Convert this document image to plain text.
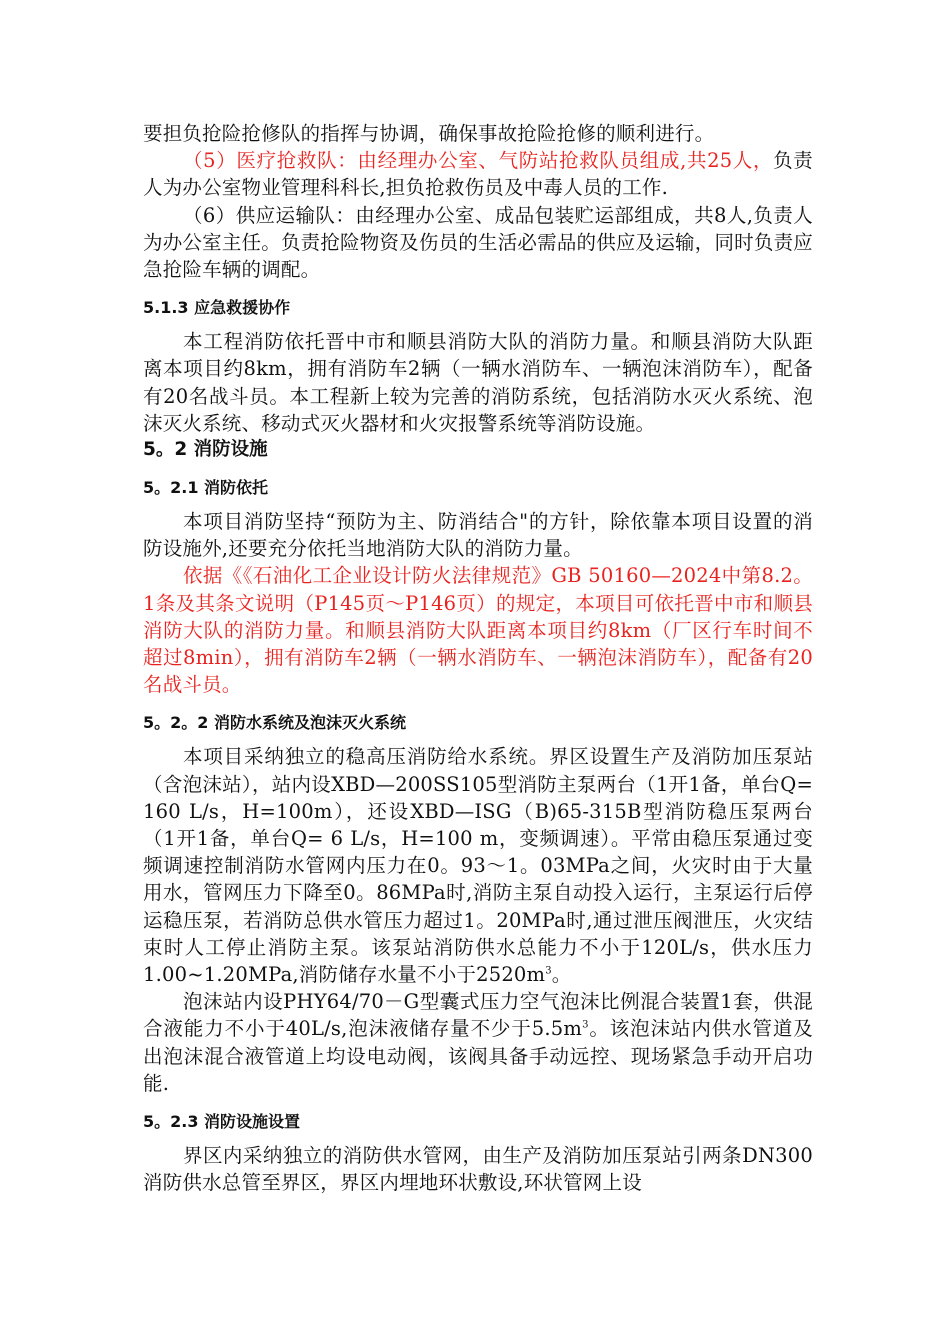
要担负抢险抢修队的指挥与协调，确保事故抢险抢修的顺利进行。

（5）医疗抢救队：由经理办公室、气防站抢救队员组成,共25人，负责人为办公室物业管理科科长,担负抢救伤员及中毒人员的工作.

（6）供应运输队：由经理办公室、成品包装贮运部组成，共8人,负责人为办公室主任。负责抢险物资及伤员的生活必需品的供应及运输，同时负责应急抢险车辆的调配。

5.1.3 应急救援协作

本工程消防依托晋中市和顺县消防大队的消防力量。和顺县消防大队距离本项目约8km，拥有消防车2辆（一辆水消防车、一辆泡沫消防车），配备有20名战斗员。本工程新上较为完善的消防系统，包括消防水灭火系统、泡沫灭火系统、移动式灭火器材和火灾报警系统等消防设施。

5。2 消防设施

5。2.1 消防依托

本项目消防坚持“预防为主、防消结合"的方针，除依靠本项目设置的消防设施外,还要充分依托当地消防大队的消防力量。

依据《《石油化工企业设计防火法律规范》GB 50160—2024中第8.2。1条及其条文说明（P145页～P146页）的规定，本项目可依托晋中市和顺县消防大队的消防力量。和顺县消防大队距离本项目约8km（厂区行车时间不超过8min），拥有消防车2辆（一辆水消防车、一辆泡沫消防车），配备有20名战斗员。

5。2。2 消防水系统及泡沫灭火系统

本项目采纳独立的稳高压消防给水系统。界区设置生产及消防加压泵站（含泡沫站），站内设XBD—200SS105型消防主泵两台（1开1备，单台Q= 160 L/s，H=100m），还设XBD—ISG（B)65-315B型消防稳压泵两台（1开1备，单台Q= 6 L/s，H=100 m，变频调速）。平常由稳压泵通过变频调速控制消防水管网内压力在0。93～1。03MPa之间，火灾时由于大量用水，管网压力下降至0。86MPa时,消防主泵自动投入运行，主泵运行后停运稳压泵，若消防总供水管压力超过1。20MPa时,通过泄压阀泄压，火灾结束时人工停止消防主泵。该泵站消防供水总能力不小于120L/s，供水压力1.00~1.20MPa,消防储存水量不小于$2520m^3$。

泡沫站内设PHY64/70－G型囊式压力空气泡沫比例混合装置1套，供混合液能力不小于40L/s,泡沫液储存量不少于$5.5m^3$。该泡沫站内供水管道及出泡沫混合液管道上均设电动阀，该阀具备手动远控、现场紧急手动开启功能.

5。2.3 消防设施设置

界区内采纳独立的消防供水管网，由生产及消防加压泵站引两条DN300消防供水总管至界区，界区内埋地环状敷设,环状管网上设
